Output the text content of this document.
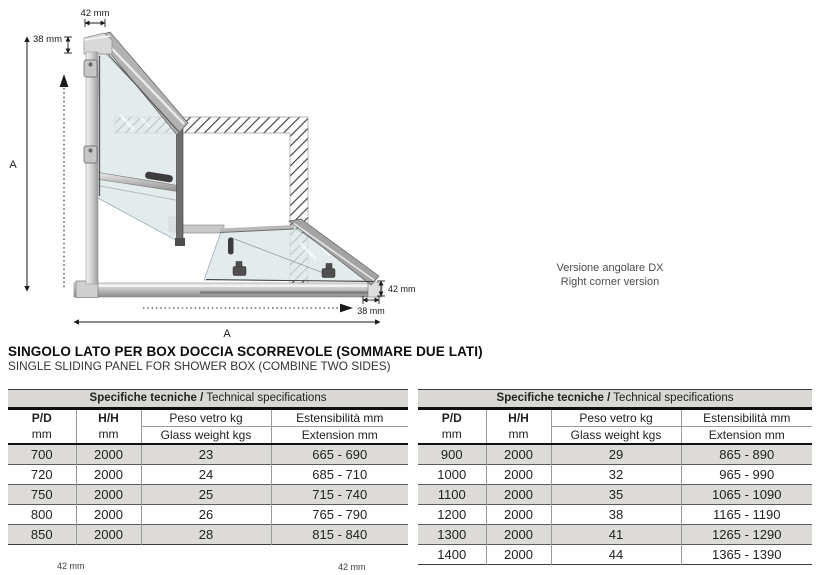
42 mm
38 mm
A
42 mm
38 mm
A
Versione angolare DX
Right corner version
SINGOLO LATO PER BOX DOCCIA SCORREVOLE (SOMMARE DUE LATI)
SINGLE SLIDING PANEL FOR SHOWER BOX (COMBINE TWO SIDES)
Specifiche tecniche / Technical specifications			

P/D
mm

H/H
mm

Peso vetro kg
Glass weight kgs

Estensibilità mm
Extension mm

700	2000	23	665 - 690
720	2000	24	685 - 710
750	2000	25	715 - 740
800	2000	26	765 - 790
850	2000	28	815 - 840
Specifiche tecniche / Technical specifications			

P/D
mm

H/H
mm

Peso vetro kg
Glass weight kgs

Estensibilità mm
Extension mm

900	2000	29	865 - 890
1000	2000	32	965 - 990
1100	2000	35	1065 - 1090
1200	2000	38	1165 - 1190
1300	2000	41	1265 - 1290
1400	2000	44	1365 - 1390
42 mm	42 mm
